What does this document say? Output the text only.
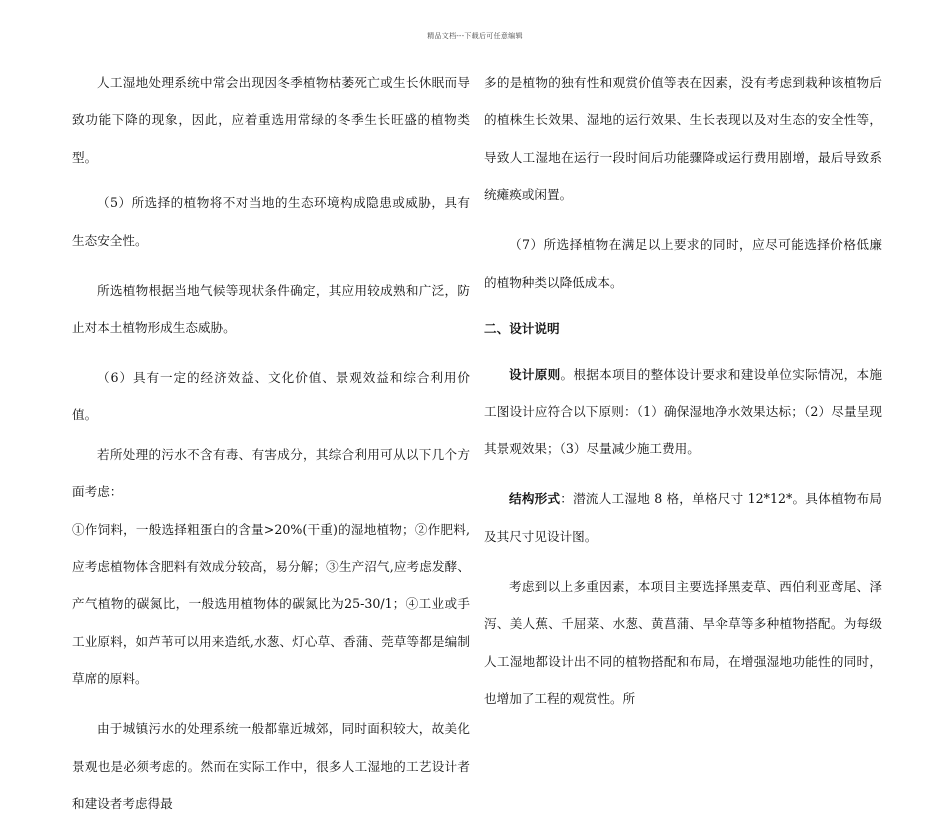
精品文档---下载后可任意编辑

人工湿地处理系统中常会出现因冬季植物枯萎死亡或生长休眠而导致功能下降的现象，因此，应着重选用常绿的冬季生长旺盛的植物类型。

（5）所选择的植物将不对当地的生态环境构成隐患或威胁，具有生态安全性。

所选植物根据当地气候等现状条件确定，其应用较成熟和广泛，防止对本土植物形成生态威胁。

（6）具有一定的经济效益、文化价值、景观效益和综合利用价值。

若所处理的污水不含有毒、有害成分，其综合利用可从以下几个方面考虑：

①作饲料，一般选择粗蛋白的含量>20%(干重)的湿地植物；②作肥料,应考虑植物体含肥料有效成分较高，易分解；③生产沼气,应考虑发酵、产气植物的碳氮比，一般选用植物体的碳氮比为25-30/1；④工业或手工业原料，如芦苇可以用来造纸,水葱、灯心草、香蒲、莞草等都是编制草席的原料。

由于城镇污水的处理系统一般都靠近城郊，同时面积较大，故美化景观也是必须考虑的。然而在实际工作中，很多人工湿地的工艺设计者和建设者考虑得最

多的是植物的独有性和观赏价值等表在因素，没有考虑到栽种该植物后的植株生长效果、湿地的运行效果、生长表现以及对生态的安全性等，导致人工湿地在运行一段时间后功能骤降或运行费用剧增，最后导致系统瘫痪或闲置。

（7）所选择植物在满足以上要求的同时，应尽可能选择价格低廉的植物种类以降低成本。

二、设计说明

设计原则。根据本项目的整体设计要求和建设单位实际情况，本施工图设计应符合以下原则：（1）确保湿地净水效果达标；（2）尽量呈现其景观效果；（3）尽量减少施工费用。

结构形式：潜流人工湿地 8 格，单格尺寸 12*12*。具体植物布局及其尺寸见设计图。

考虑到以上多重因素，本项目主要选择黑麦草、西伯利亚鸢尾、泽泻、美人蕉、千屈菜、水葱、黄菖蒲、旱伞草等多种植物搭配。为每级人工湿地都设计出不同的植物搭配和布局，在增强湿地功能性的同时，也增加了工程的观赏性。所
